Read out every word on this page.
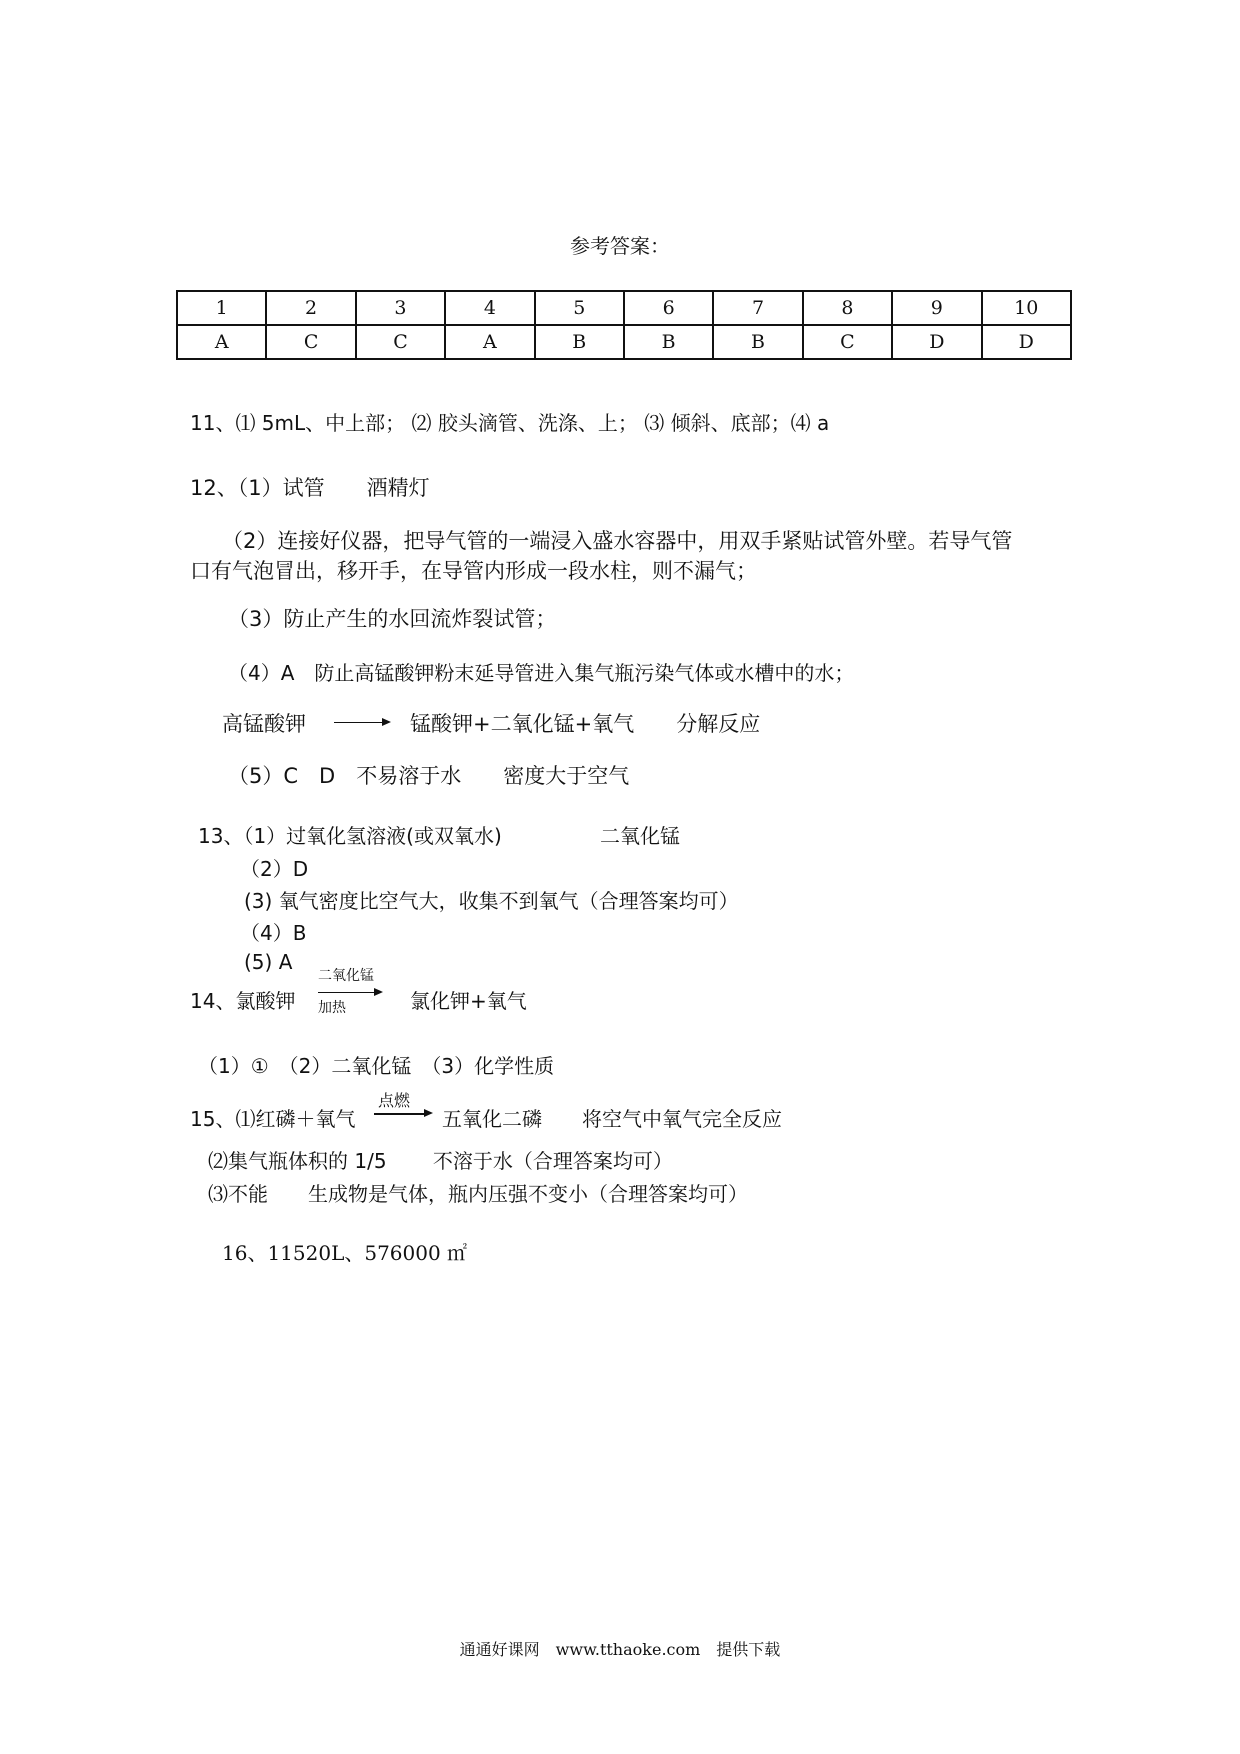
参考答案：
1	2	3	4	5	6	7	8	9	10
A	C	C	A	B	B	B	C	D	D
11、⑴ 5mL、中上部； ⑵ 胶头滴管、洗涤、上； ⑶ 倾斜、底部；⑷ a
12、（1）试管　　酒精灯
（2）连接好仪器，把导气管的一端浸入盛水容器中，用双手紧贴试管外壁。若导气管
口有气泡冒出，移开手，在导管内形成一段水柱，则不漏气；
（3）防止产生的水回流炸裂试管；
（4）A　防止高锰酸钾粉末延导管进入集气瓶污染气体或水槽中的水；
高锰酸钾	锰酸钾+二氧化锰+氧气　　分解反应
（5）C　D　不易溶于水　　密度大于空气
13、（1）过氧化氢溶液(或双氧水)	二氧化锰
（2）D
(3) 氧气密度比空气大，收集不到氧气（合理答案均可）
（4）B
(5) A
14、氯酸钾
二氧化锰
加热	氯化钾+氧气
（1）①　（2）二氧化锰　（3）化学性质
15、⑴红磷＋氧气
点燃
五氧化二磷　　将空气中氧气完全反应
⑵集气瓶体积的 1/5　　 不溶于水（合理答案均可）
⑶不能　　生成物是气体，瓶内压强不变小（合理答案均可）
16、11520L、576000 ㎡
通通好课网　www.tthaoke.com　提供下载
